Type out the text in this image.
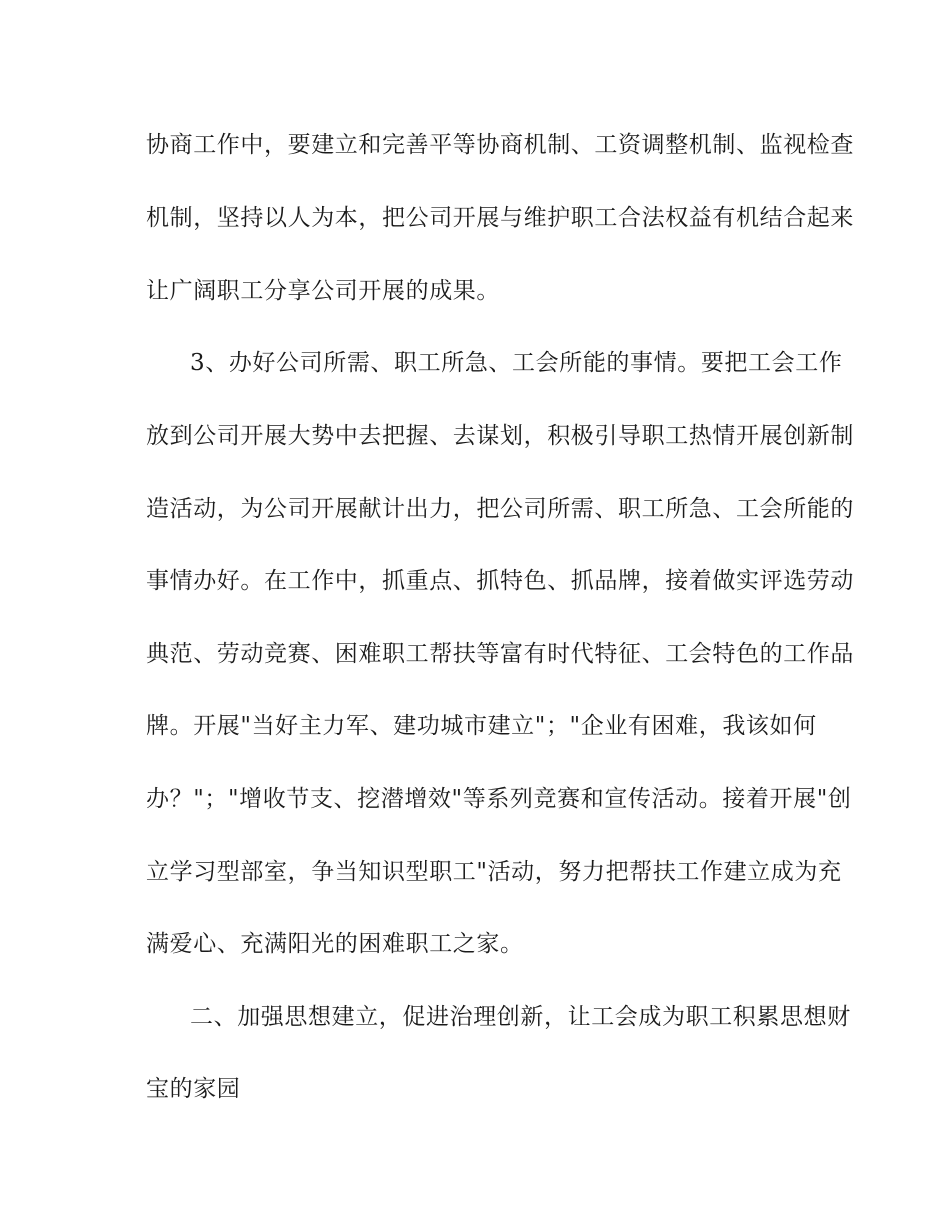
协商工作中，要建立和完善平等协商机制、工资调整机制、监视检查
机制，坚持以人为本，把公司开展与维护职工合法权益有机结合起来
让广阔职工分享公司开展的成果。
3、办好公司所需、职工所急、工会所能的事情。要把工会工作
放到公司开展大势中去把握、去谋划，积极引导职工热情开展创新制
造活动，为公司开展献计出力，把公司所需、职工所急、工会所能的
事情办好。在工作中，抓重点、抓特色、抓品牌，接着做实评选劳动
典范、劳动竞赛、困难职工帮扶等富有时代特征、工会特色的工作品
牌。开展"当好主力军、建功城市建立"；"企业有困难，我该如何
办？"；"增收节支、挖潜增效"等系列竞赛和宣传活动。接着开展"创
立学习型部室，争当知识型职工"活动，努力把帮扶工作建立成为充
满爱心、充满阳光的困难职工之家。
二、加强思想建立，促进治理创新，让工会成为职工积累思想财
宝的家园
